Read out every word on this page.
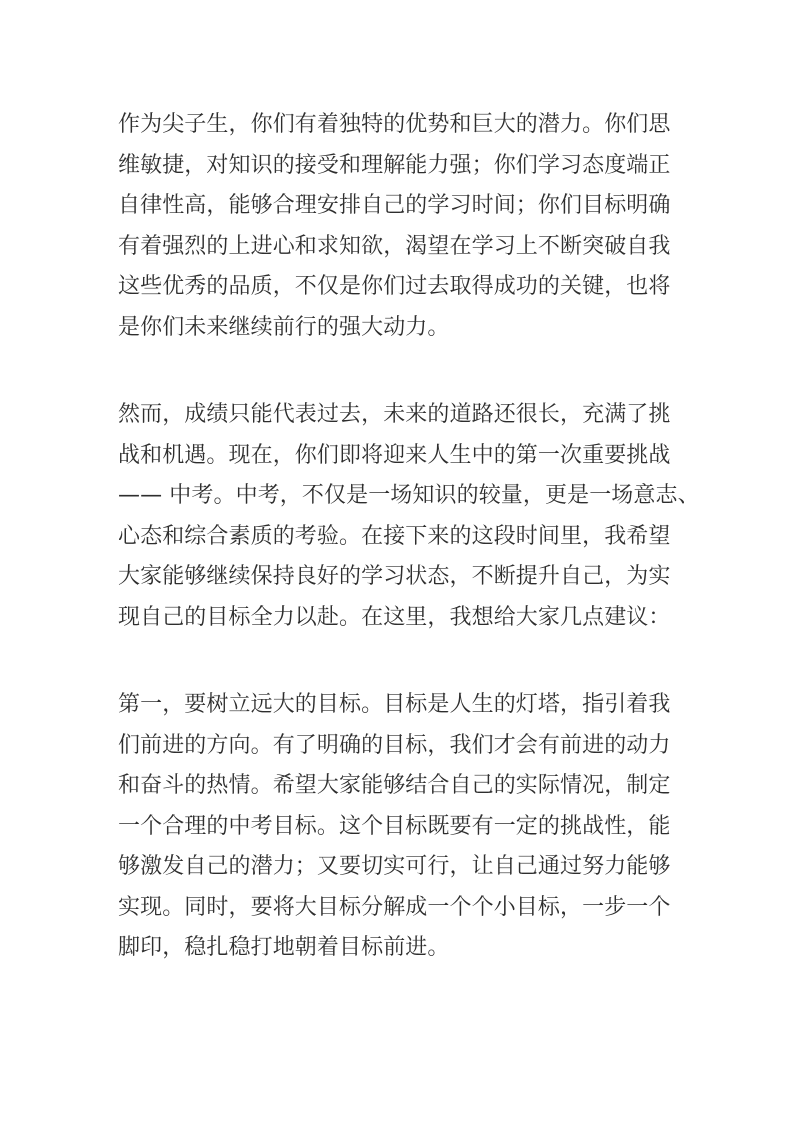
作为尖子生，你们有着独特的优势和巨大的潜力。你们思 维敏捷，对知识的接受和理解能力强；你们学习态度端正 自律性高，能够合理安排自己的学习时间；你们目标明确 有着强烈的上进心和求知欲，渴望在学习上不断突破自我 这些优秀的品质，不仅是你们过去取得成功的关键，也将 是你们未来继续前行的强大动力。

然而，成绩只能代表过去，未来的道路还很长，充满了挑 战和机遇。现在，你们即将迎来人生中的第一次重要挑战 —— 中考。中考，不仅是一场知识的较量，更是一场意志、 心态和综合素质的考验。在接下来的这段时间里，我希望 大家能够继续保持良好的学习状态，不断提升自己，为实 现自己的目标全力以赴。在这里，我想给大家几点建议：

第一，要树立远大的目标。目标是人生的灯塔，指引着我 们前进的方向。有了明确的目标，我们才会有前进的动力 和奋斗的热情。希望大家能够结合自己的实际情况，制定 一个合理的中考目标。这个目标既要有一定的挑战性，能 够激发自己的潜力；又要切实可行，让自己通过努力能够 实现。同时，要将大目标分解成一个个小目标，一步一个 脚印，稳扎稳打地朝着目标前进。
